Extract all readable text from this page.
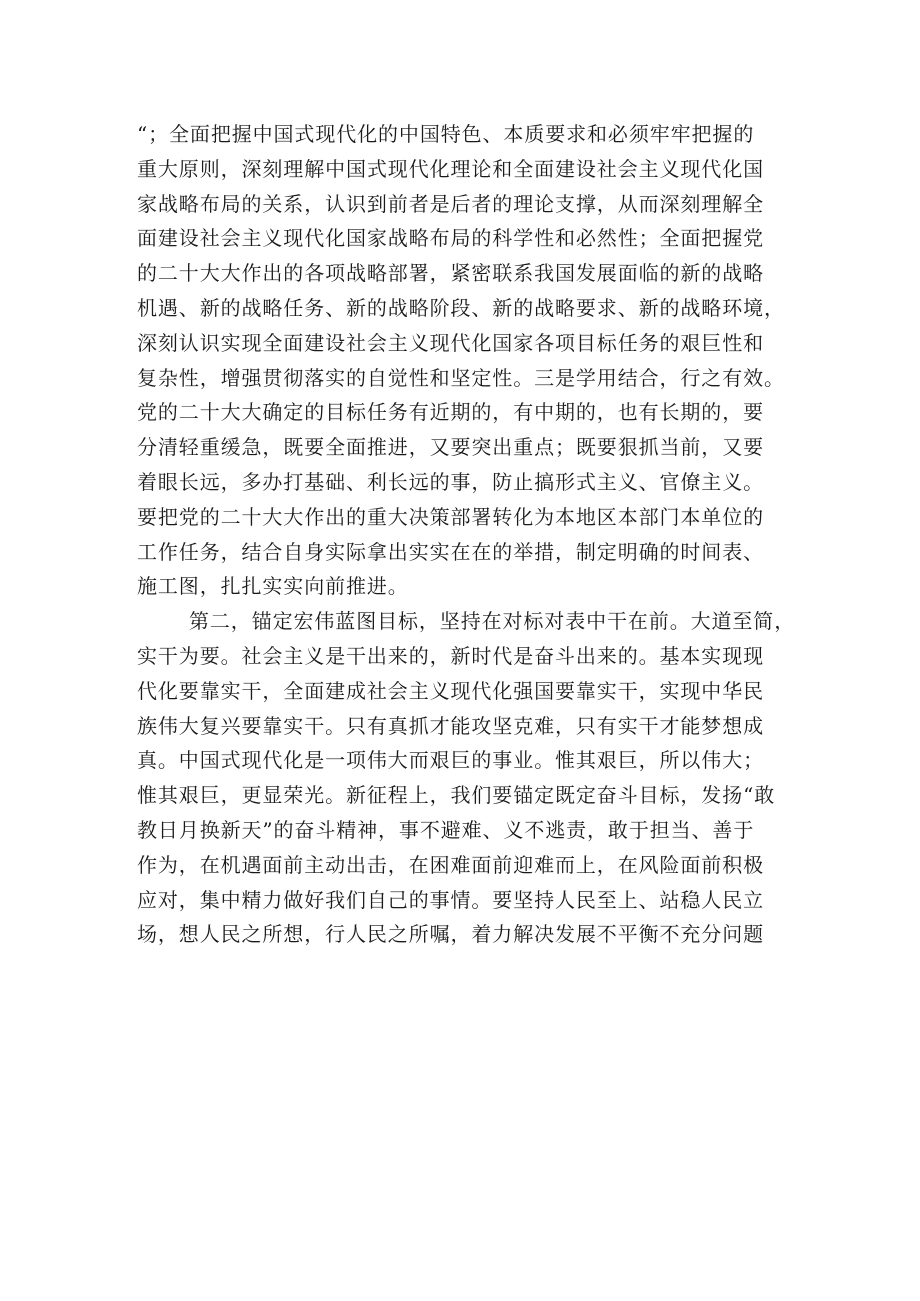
“；全面把握中国式现代化的中国特色、本质要求和必须牢牢把握的
重大原则，深刻理解中国式现代化理论和全面建设社会主义现代化国
家战略布局的关系，认识到前者是后者的理论支撑，从而深刻理解全
面建设社会主义现代化国家战略布局的科学性和必然性；全面把握党
的二十大大作出的各项战略部署，紧密联系我国发展面临的新的战略
机遇、新的战略任务、新的战略阶段、新的战略要求、新的战略环境，
深刻认识实现全面建设社会主义现代化国家各项目标任务的艰巨性和
复杂性，增强贯彻落实的自觉性和坚定性。三是学用结合，行之有效。
党的二十大大确定的目标任务有近期的，有中期的，也有长期的，要
分清轻重缓急，既要全面推进，又要突出重点；既要狠抓当前，又要
着眼长远，多办打基础、利长远的事，防止搞形式主义、官僚主义。
要把党的二十大大作出的重大决策部署转化为本地区本部门本单位的
工作任务，结合自身实际拿出实实在在的举措，制定明确的时间表、
施工图，扎扎实实向前推进。
第二，锚定宏伟蓝图目标，坚持在对标对表中干在前。大道至简，
实干为要。社会主义是干出来的，新时代是奋斗出来的。基本实现现
代化要靠实干，全面建成社会主义现代化强国要靠实干，实现中华民
族伟大复兴要靠实干。只有真抓才能攻坚克难，只有实干才能梦想成
真。中国式现代化是一项伟大而艰巨的事业。惟其艰巨，所以伟大；
惟其艰巨，更显荣光。新征程上，我们要锚定既定奋斗目标，发扬“敢
教日月换新天”的奋斗精神，事不避难、义不逃责，敢于担当、善于
作为，在机遇面前主动出击，在困难面前迎难而上，在风险面前积极
应对，集中精力做好我们自己的事情。要坚持人民至上、站稳人民立
场，想人民之所想，行人民之所嘱，着力解决发展不平衡不充分问题
